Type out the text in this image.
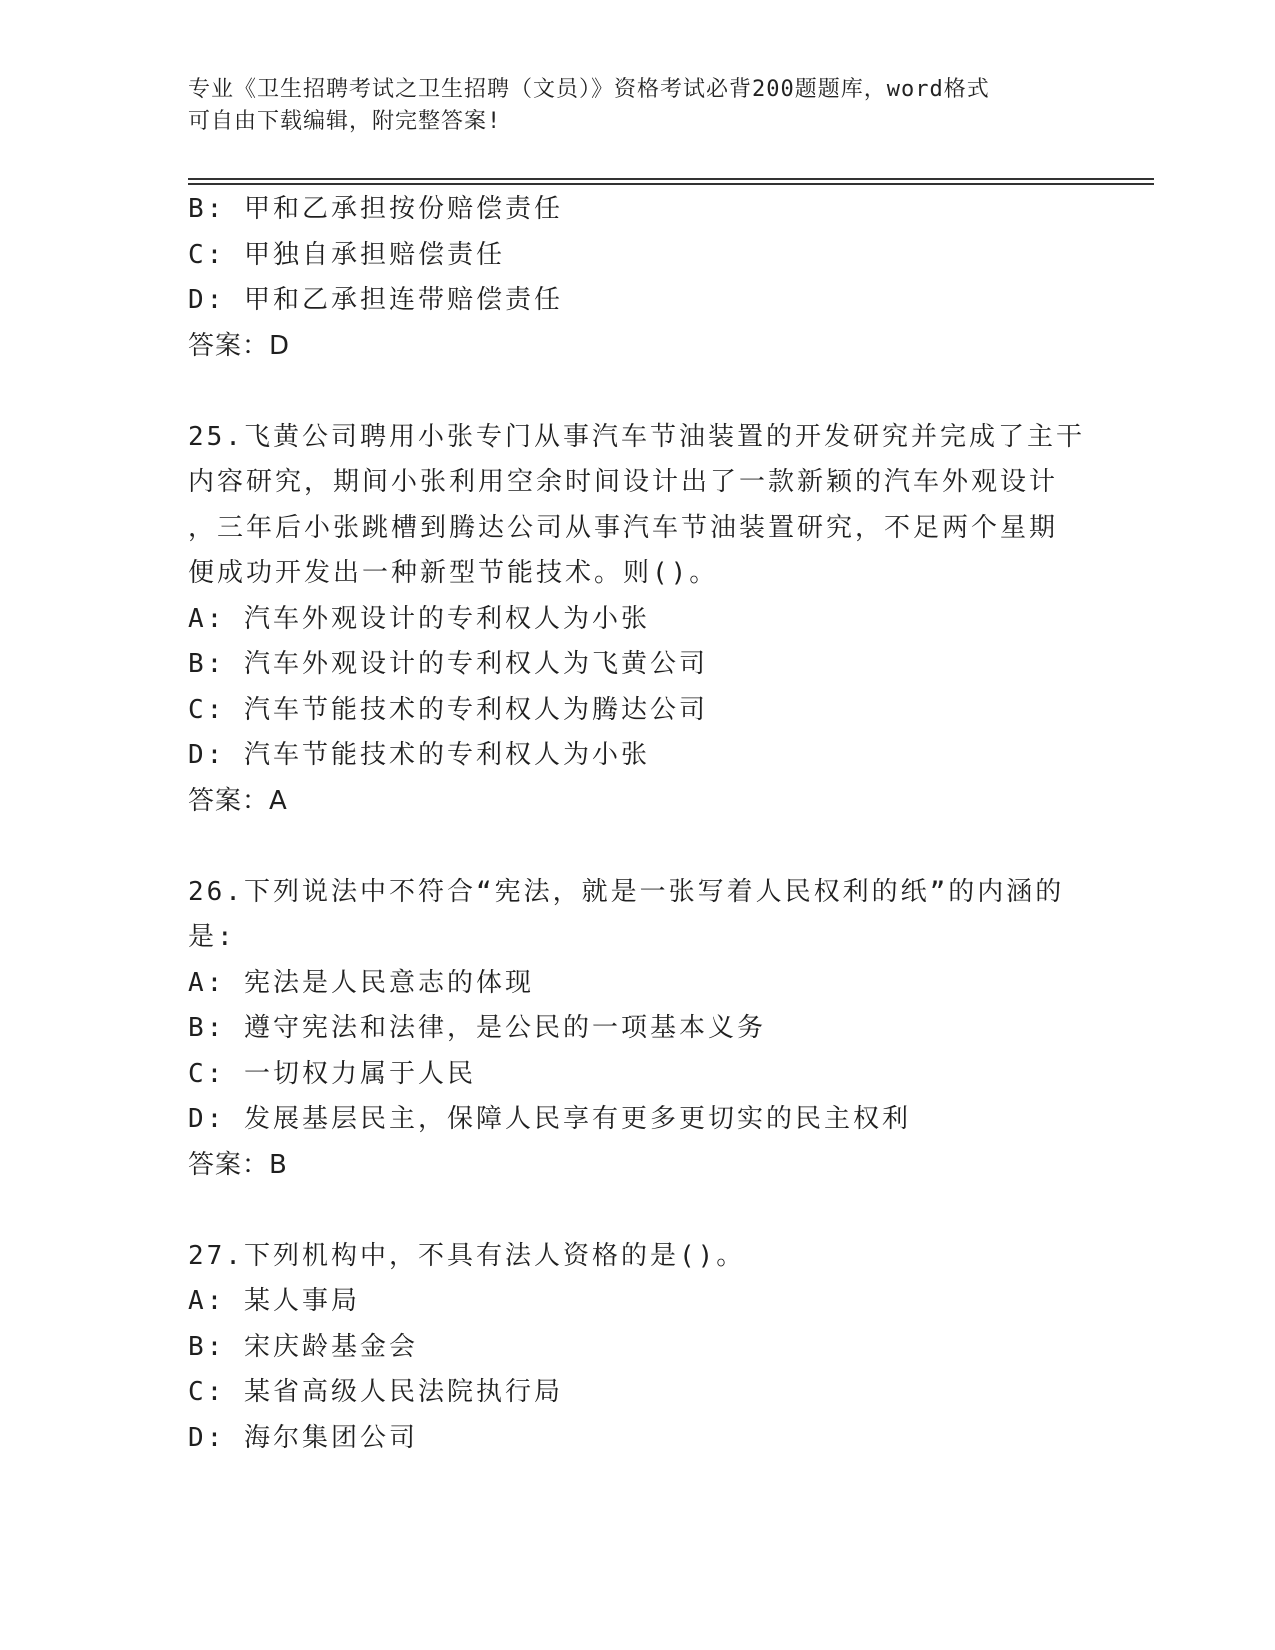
专业《卫生招聘考试之卫生招聘（文员）》资格考试必背200题题库，word格式
可自由下载编辑，附完整答案!
B: 甲和乙承担按份赔偿责任
C: 甲独自承担赔偿责任
D: 甲和乙承担连带赔偿责任
答案：D
25.飞黄公司聘用小张专门从事汽车节油装置的开发研究并完成了主干
内容研究，期间小张利用空余时间设计出了一款新颖的汽车外观设计
，三年后小张跳槽到腾达公司从事汽车节油装置研究，不足两个星期
便成功开发出一种新型节能技术。则()。
A: 汽车外观设计的专利权人为小张
B: 汽车外观设计的专利权人为飞黄公司
C: 汽车节能技术的专利权人为腾达公司
D: 汽车节能技术的专利权人为小张
答案：A
26.下列说法中不符合“宪法，就是一张写着人民权利的纸”的内涵的
是:
A: 宪法是人民意志的体现
B: 遵守宪法和法律，是公民的一项基本义务
C: 一切权力属于人民
D: 发展基层民主，保障人民享有更多更切实的民主权利
答案：B
27.下列机构中，不具有法人资格的是()。
A: 某人事局
B: 宋庆龄基金会
C: 某省高级人民法院执行局
D: 海尔集团公司
